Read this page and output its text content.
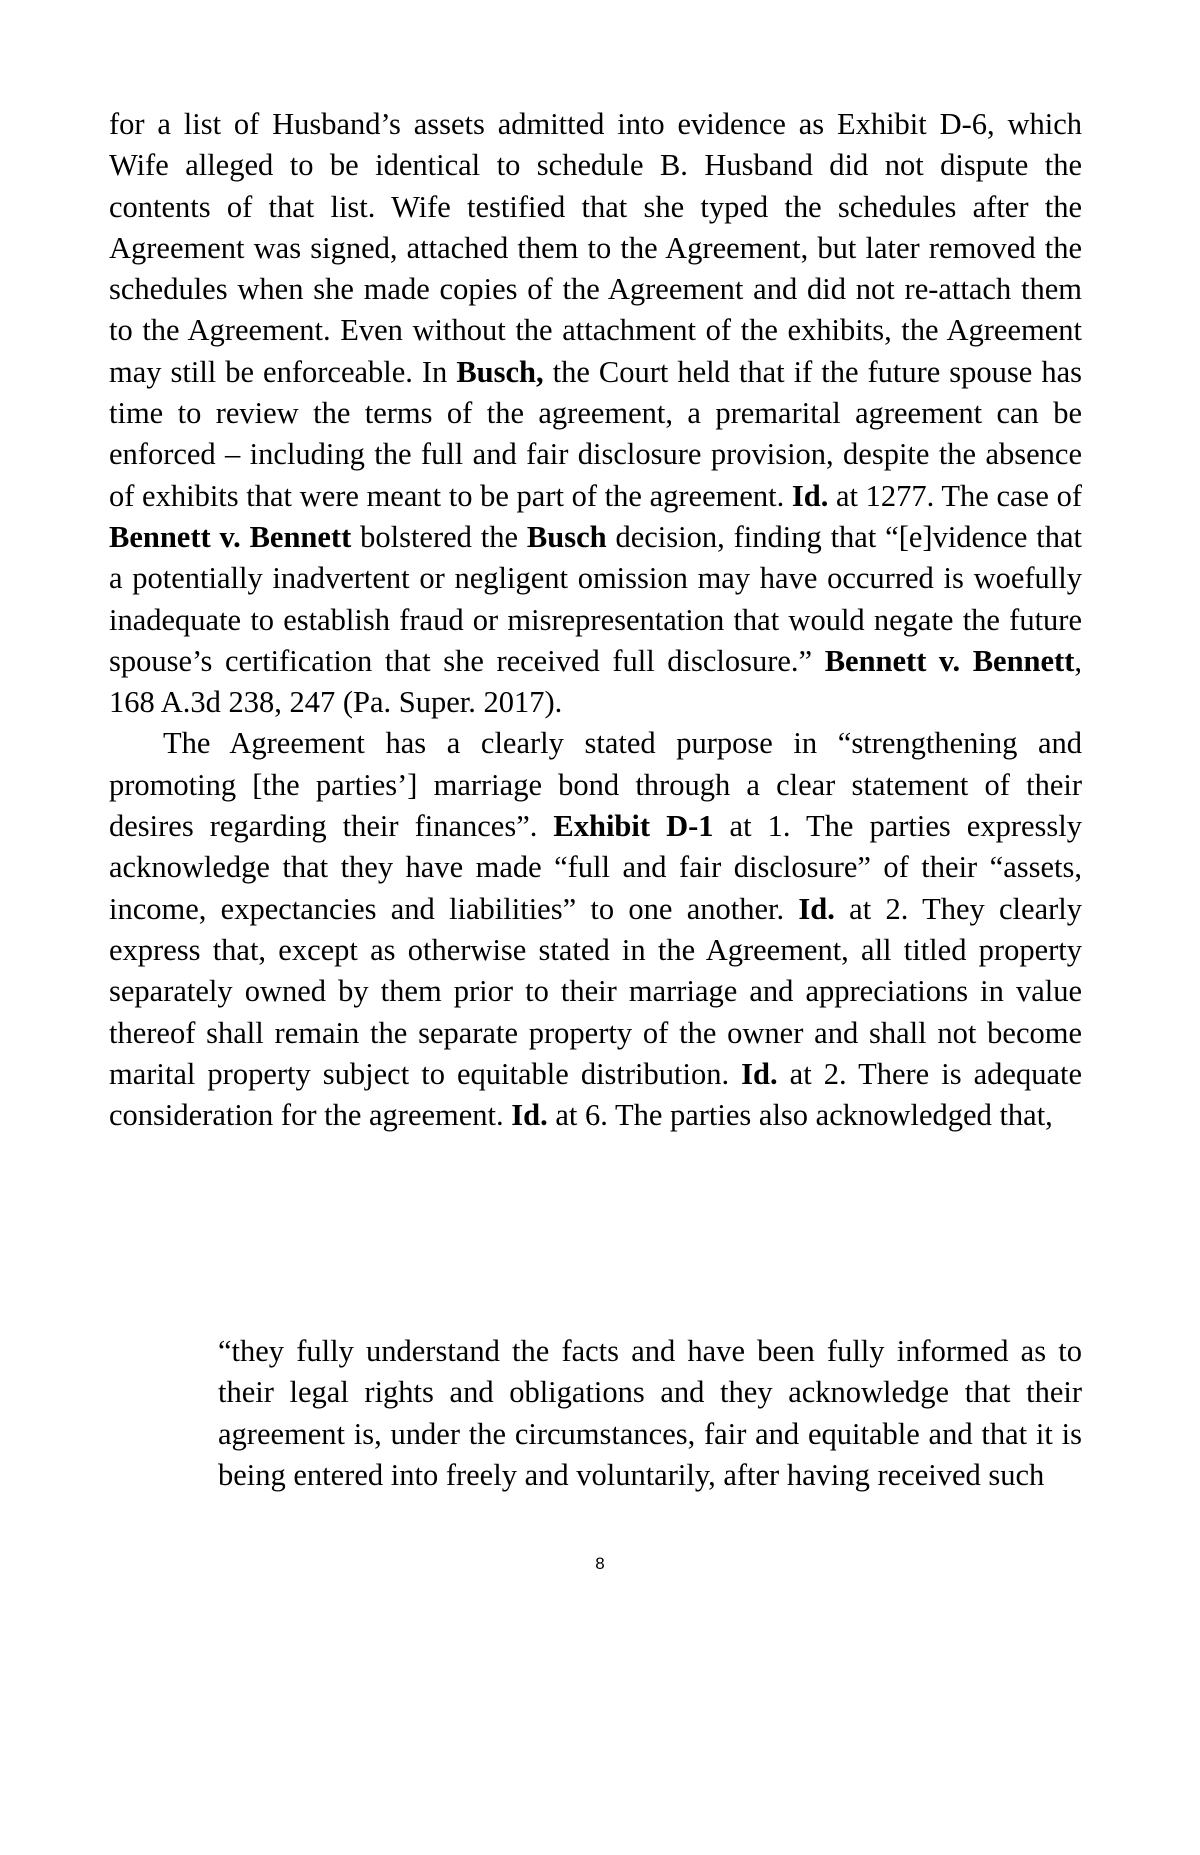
for a list of Husband’s assets admitted into evidence as Exhibit D-6, which Wife alleged to be identical to schedule B. Husband did not dispute the contents of that list. Wife testified that she typed the schedules after the Agreement was signed, attached them to the Agreement, but later removed the schedules when she made copies of the Agreement and did not re-attach them to the Agreement. Even without the attachment of the exhibits, the Agreement may still be enforceable. In Busch, the Court held that if the future spouse has time to review the terms of the agreement, a premarital agreement can be enforced – including the full and fair disclosure provision, despite the absence of exhibits that were meant to be part of the agreement. Id. at 1277. The case of Bennett v. Bennett bolstered the Busch decision, finding that “[e]vidence that a potentially inadvertent or negligent omission may have occurred is woefully inadequate to establish fraud or misrepresentation that would negate the future spouse’s certification that she received full disclosure.” Bennett v. Bennett, 168 A.3d 238, 247 (Pa. Super. 2017).

The Agreement has a clearly stated purpose in “strengthening and promoting [the parties’] marriage bond through a clear statement of their desires regarding their finances”. Exhibit D-1 at 1. The parties expressly acknowledge that they have made “full and fair disclosure” of their “assets, income, expectancies and liabilities” to one another. Id. at 2. They clearly express that, except as otherwise stated in the Agreement, all titled property separately owned by them prior to their marriage and appreciations in value thereof shall remain the separate property of the owner and shall not become marital property subject to equitable distribution. Id. at 2. There is adequate consideration for the agreement. Id. at 6. The parties also acknowledged that,

“they fully understand the facts and have been fully informed as to their legal rights and obligations and they acknowledge that their agreement is, under the circumstances, fair and equitable and that it is being entered into freely and voluntarily, after having received such

8
